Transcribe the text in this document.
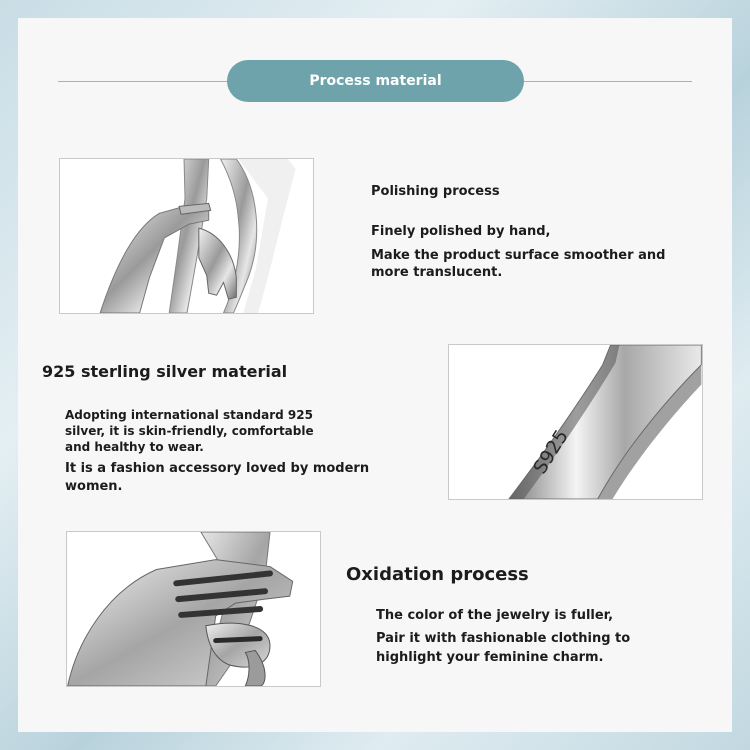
Process material
Polishing process
Finely polished by hand,
Make the product surface smoother and
more translucent.
925 sterling silver material
Adopting international standard 925
silver, it is skin-friendly, comfortable
and healthy to wear.
It is a fashion accessory loved by modern
women.
S925
Oxidation process
The color of the jewelry is fuller,
Pair it with fashionable clothing to
highlight your feminine charm.
